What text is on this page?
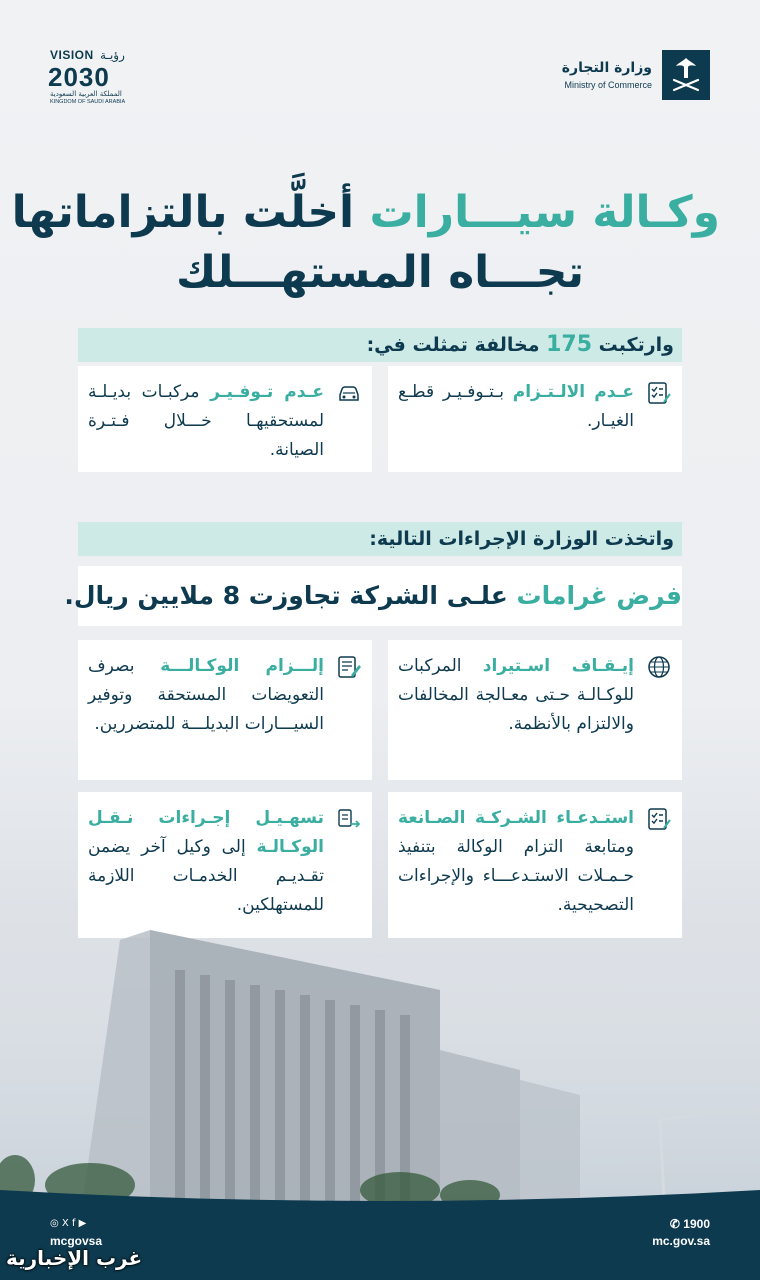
وزارة التجارة
Ministry of Commerce
VISION رؤيـة
2030
المملكة العربية السعودية
KINGDOM OF SAUDI ARABIA
وكـالة سيـــارات أخلَّت بالتزاماتها
تجـــاه المستهـــلك
وارتكبت 175 مخالفة تمثلت في:
عـدم الالـتـزام بـتـوفـيـر قطـع الغيـار.
عـدم تـوفـيـر مركبـات بديـلـة لمستحقيهـا خـــلال فـتـرة الصيانة.
واتخذت الوزارة الإجراءات التالية:
فرض غرامات علـى الشركة تجاوزت 8 ملايين ريال.
إيـقـاف اسـتيراد المركبات للوكـالـة حـتى معـالجة المخالفات والالتزام بالأنظمة.
إلـــزام الوكـالـــة بصرف التعويضات المستحقة وتوفير السيـــارات البديلـــة للمتضررين.
استـدعـاء الشـركـة الصـانعة ومتابعة التزام الوكالة بتنفيذ حـمـلات الاستـدعـــاء والإجراءات التصحيحية.
تسهـيـل إجـراءات نـقـل الوكـالـة إلى وكيل آخر يضمن تقـديـم الخدمـات اللازمة للمستهلكين.
✆ 1900
mc.gov.sa
◎ X f ▶
mcgovsa
غرب الإخبارية
